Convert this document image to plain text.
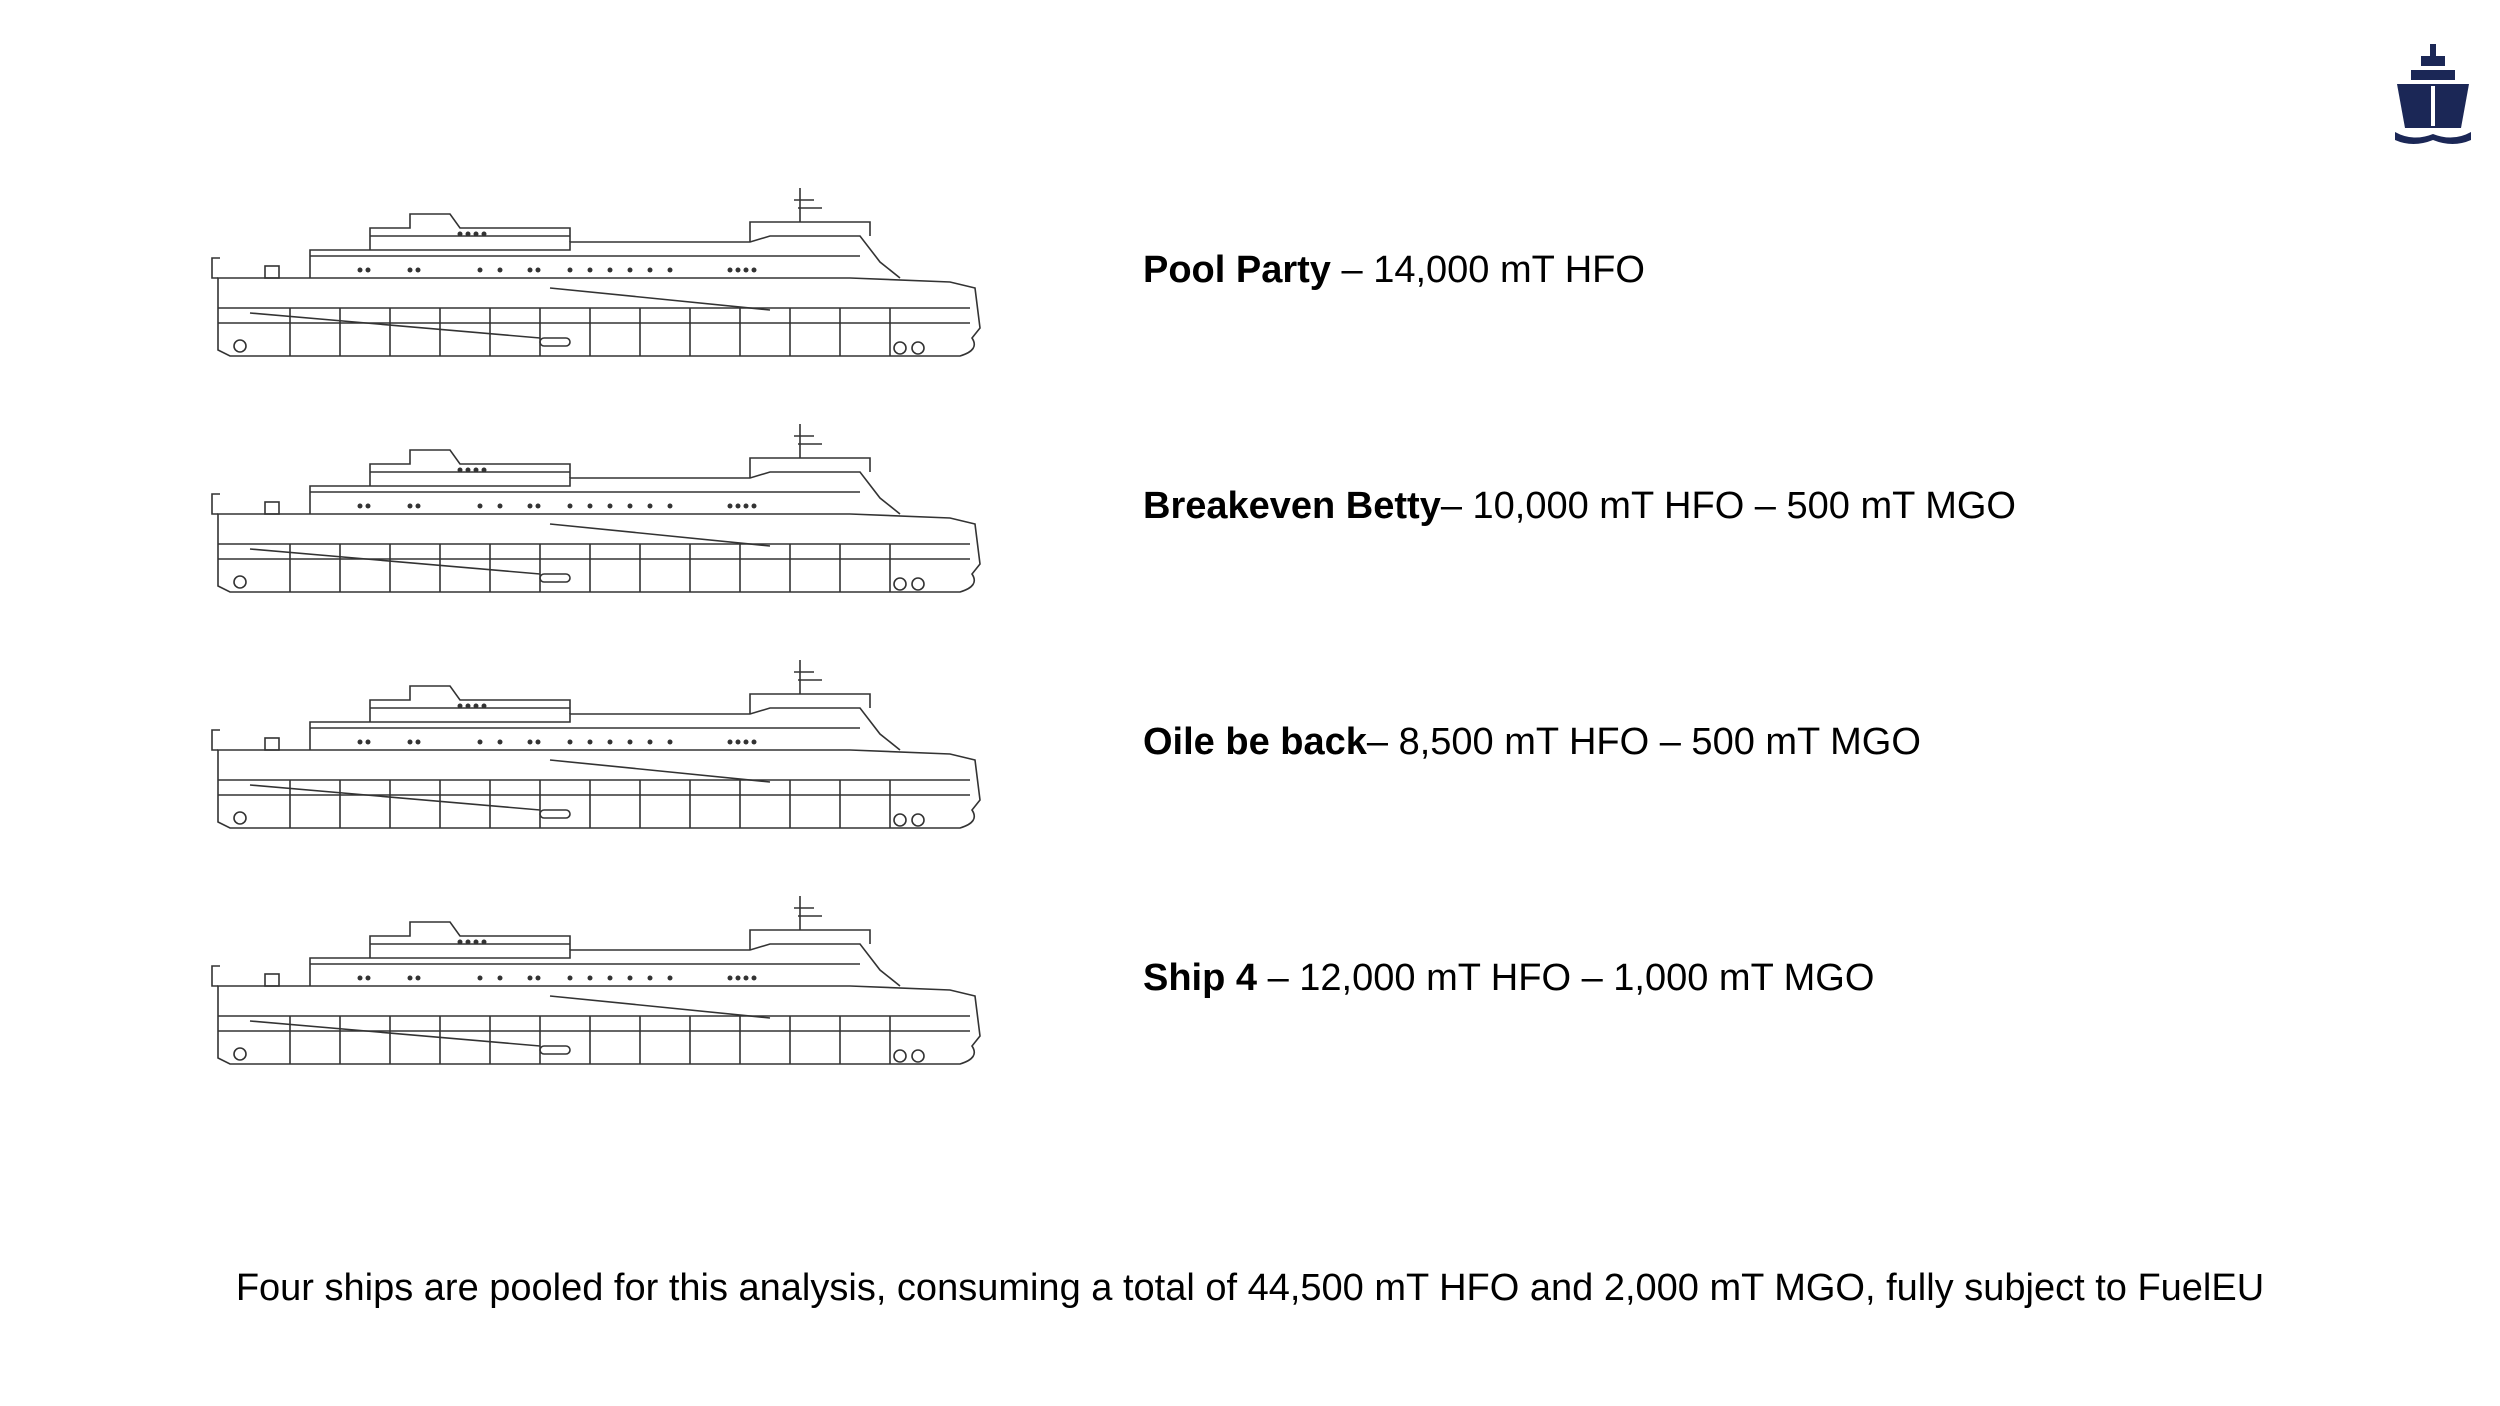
Pool Party – 14,000 mT HFO
Breakeven Betty– 10,000 mT HFO – 500 mT MGO
Oile be back– 8,500 mT HFO – 500 mT MGO
Ship 4 – 12,000 mT HFO – 1,000 mT MGO
Four ships are pooled for this analysis, consuming a total of 44,500 mT HFO and 2,000 mT MGO, fully subject to FuelEU
